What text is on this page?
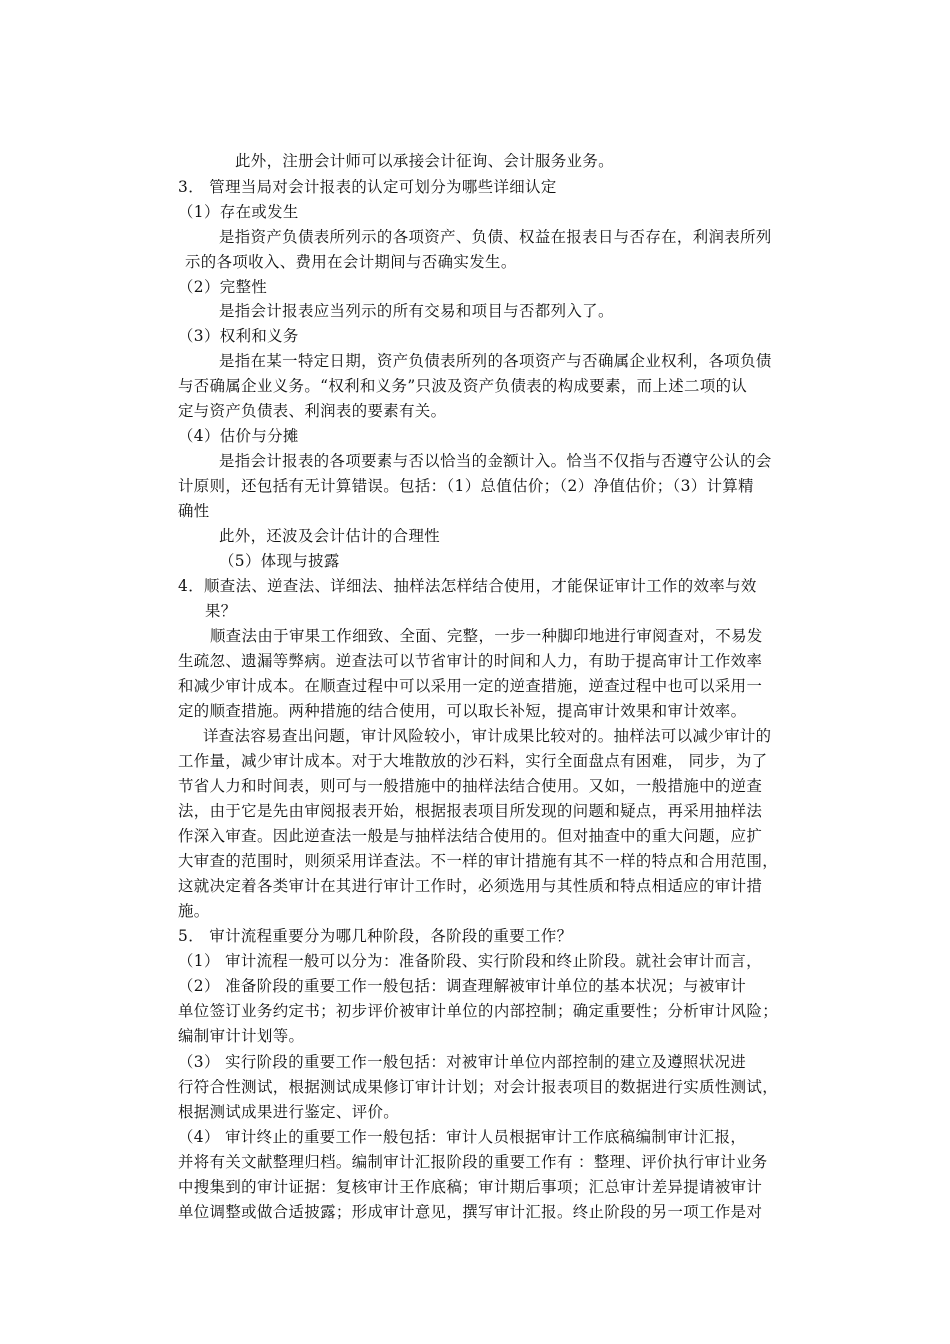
此外，注册会计师可以承接会计征询、会计服务业务。
3． 管理当局对会计报表的认定可划分为哪些详细认定
（1）存在或发生
是指资产负债表所列示的各项资产、负债、权益在报表日与否存在，利润表所列
示的各项收入、费用在会计期间与否确实发生。
（2）完整性
是指会计报表应当列示的所有交易和项目与否都列入了。
（3）权利和义务
是指在某一特定日期，资产负债表所列的各项资产与否确属企业权利，各项负债
与否确属企业义务。“权利和义务”只波及资产负债表的构成要素，而上述二项的认
定与资产负债表、利润表的要素有关。
（4）估价与分摊
是指会计报表的各项要素与否以恰当的金额计入。恰当不仅指与否遵守公认的会
计原则，还包括有无计算错误。包括：（1）总值估价；（2）净值估价；（3）计算精
确性
此外，还波及会计估计的合理性
（5）体现与披露
4．顺查法、逆查法、详细法、抽样法怎样结合使用，才能保证审计工作的效率与效
果？
顺查法由于审果工作细致、全面、完整，一步一种脚印地进行审阅查对，不易发
生疏忽、遗漏等弊病。逆查法可以节省审计的时间和人力，有助于提高审计工作效率
和减少审计成本。在顺查过程中可以采用一定的逆查措施，逆查过程中也可以采用一
定的顺查措施。两种措施的结合使用，可以取长补短，提高审计效果和审计效率。
详查法容易查出问题，审计风险较小，审计成果比较对的。抽样法可以减少审计的
工作量，减少审计成本。对于大堆散放的沙石料，实行全面盘点有困难， 同步，为了
节省人力和时间表，则可与一般措施中的抽样法结合使用。又如，一般措施中的逆查
法，由于它是先由审阅报表开始，根据报表项目所发现的问题和疑点，再采用抽样法
作深入审查。因此逆查法一般是与抽样法结合使用的。但对抽查中的重大问题，应扩
大审查的范围时，则须采用详查法。不一样的审计措施有其不一样的特点和合用范围，
这就决定着各类审计在其进行审计工作时，必须选用与其性质和特点相适应的审计措
施。
5． 审计流程重要分为哪几种阶段，各阶段的重要工作？
（1） 审计流程一般可以分为：准备阶段、实行阶段和终止阶段。就社会审计而言，
（2） 准备阶段的重要工作一般包括：调查理解被审计单位的基本状况；与被审计
单位签订业务约定书；初步评价被审计单位的内部控制；确定重要性；分析审计风险；
编制审计计划等。
（3） 实行阶段的重要工作一般包括：对被审计单位内部控制的建立及遵照状况进
行符合性测试，根据测试成果修订审计计划；对会计报表项目的数据进行实质性测试，
根据测试成果进行鉴定、评价。
（4） 审计终止的重要工作一般包括：审计人员根据审计工作底稿编制审计汇报，
并将有关文献整理归档。编制审计汇报阶段的重要工作有 ：整理、评价执行审计业务
中搜集到的审计证据：复核审计王作底稿；审计期后事项；汇总审计差异提请被审计
单位调整或做合适披露；形成审计意见，撰写审计汇报。终止阶段的另一项工作是对
